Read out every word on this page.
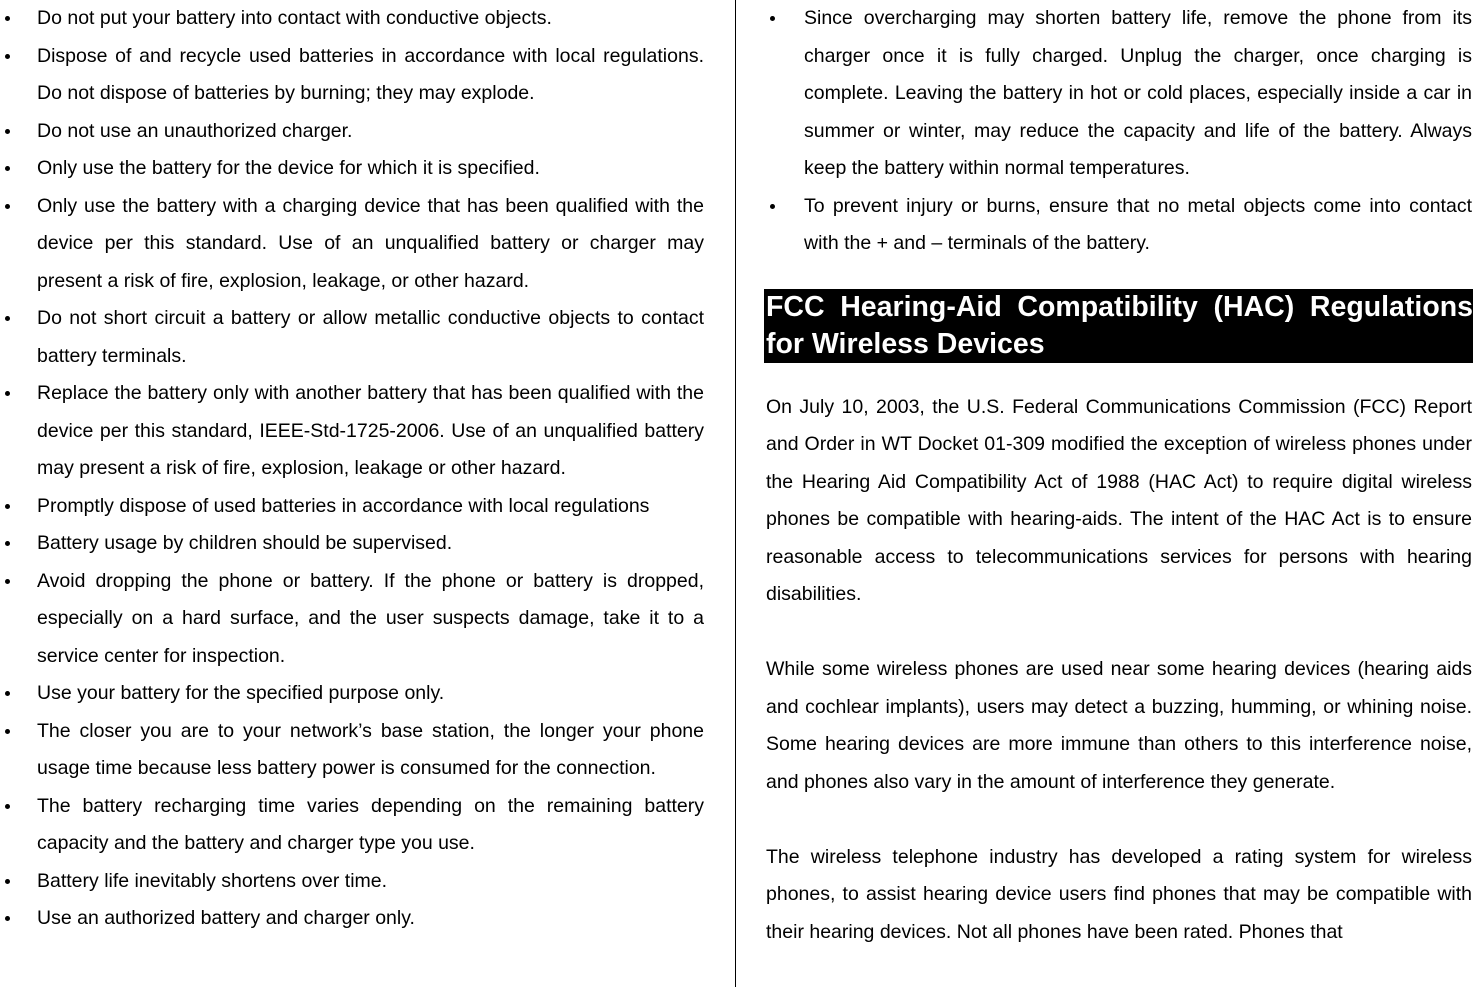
Do not put your battery into contact with conductive objects.
Dispose of and recycle used batteries in accordance with local regulations. Do not dispose of batteries by burning; they may explode.
Do not use an unauthorized charger.
Only use the battery for the device for which it is specified.
Only use the battery with a charging device that has been qualified with the device per this standard. Use of an unqualified battery or charger may present a risk of fire, explosion, leakage, or other hazard.
Do not short circuit a battery or allow metallic conductive objects to contact battery terminals.
Replace the battery only with another battery that has been qualified with the device per this standard, IEEE-Std-1725-2006. Use of an unqualified battery may present a risk of fire, explosion, leakage or other hazard.
Promptly dispose of used batteries in accordance with local regulations
Battery usage by children should be supervised.
Avoid dropping the phone or battery. If the phone or battery is dropped, especially on a hard surface, and the user suspects damage, take it to a service center for inspection.
Use your battery for the specified purpose only.
The closer you are to your network’s base station, the longer your phone usage time because less battery power is consumed for the connection.
The battery recharging time varies depending on the remaining battery capacity and the battery and charger type you use.
Battery life inevitably shortens over time.
Use an authorized battery and charger only.
Since overcharging may shorten battery life, remove the phone from its charger once it is fully charged. Unplug the charger, once charging is complete. Leaving the battery in hot or cold places, especially inside a car in summer or winter, may reduce the capacity and life of the battery. Always keep the battery within normal temperatures.
To prevent injury or burns, ensure that no metal objects come into contact with the + and – terminals of the battery.
FCC Hearing-Aid Compatibility (HAC) Regulations for Wireless Devices

On July 10, 2003, the U.S. Federal Communications Commission (FCC) Report and Order in WT Docket 01-309 modified the exception of wireless phones under the Hearing Aid Compatibility Act of 1988 (HAC Act) to require digital wireless phones be compatible with hearing-aids. The intent of the HAC Act is to ensure reasonable access to telecommunications services for persons with hearing disabilities.

While some wireless phones are used near some hearing devices (hearing aids and cochlear implants), users may detect a buzzing, humming, or whining noise. Some hearing devices are more immune than others to this interference noise, and phones also vary in the amount of interference they generate.

The wireless telephone industry has developed a rating system for wireless phones, to assist hearing device users find phones that may be compatible with their hearing devices. Not all phones have been rated. Phones that
